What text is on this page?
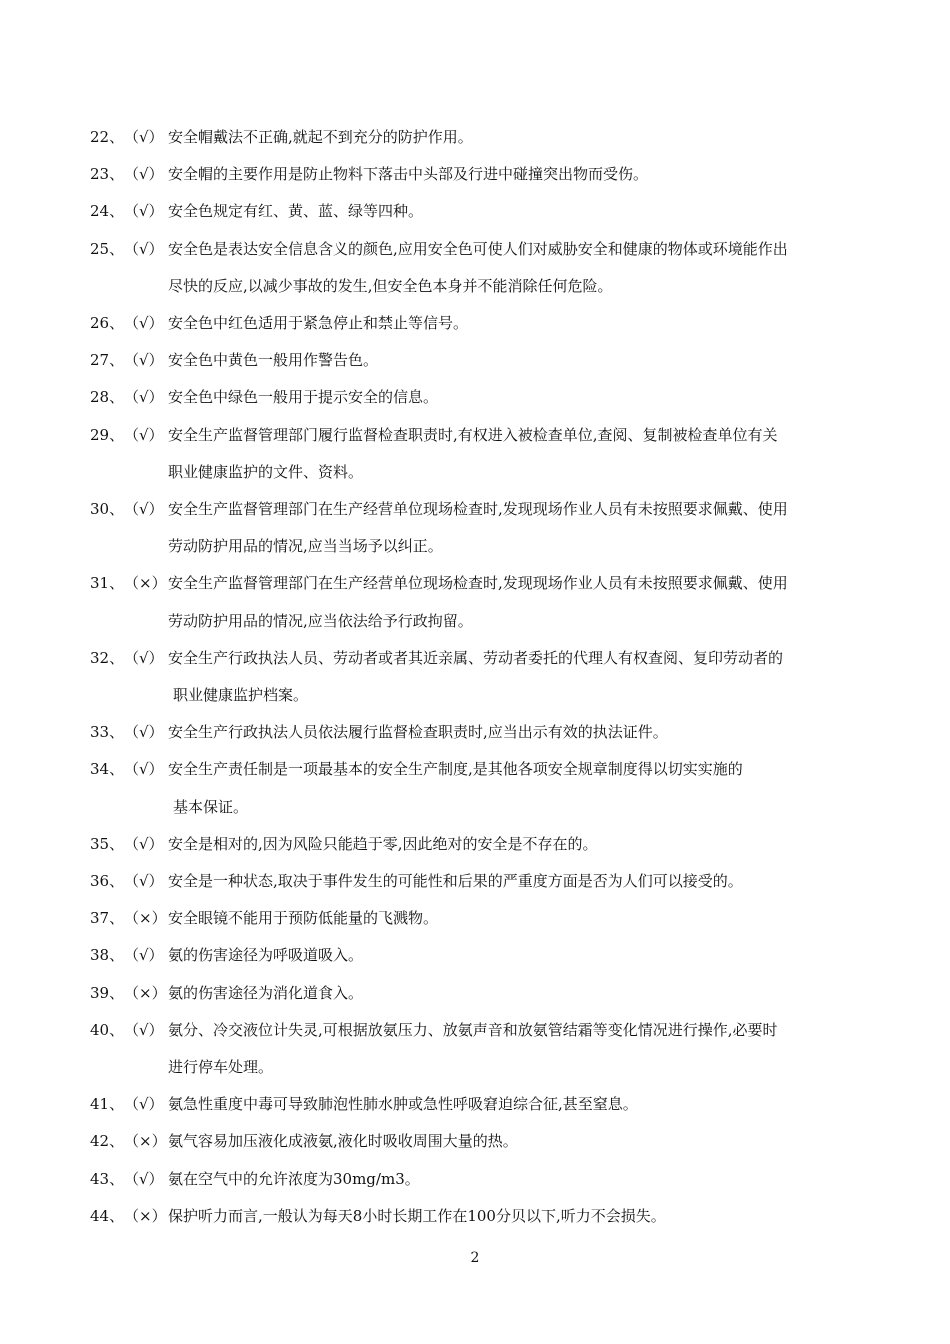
22、 （√） 安全帽戴法不正确,就起不到充分的防护作用。
23、 （√） 安全帽的主要作用是防止物料下落击中头部及行进中碰撞突出物而受伤。
24、 （√） 安全色规定有红、黄、蓝、绿等四种。
25、 （√） 安全色是表达安全信息含义的颜色,应用安全色可使人们对威胁安全和健康的物体或环境能作出
尽快的反应,以减少事故的发生,但安全色本身并不能消除任何危险。
26、 （√） 安全色中红色适用于紧急停止和禁止等信号。
27、 （√） 安全色中黄色一般用作警告色。
28、 （√） 安全色中绿色一般用于提示安全的信息。
29、 （√） 安全生产监督管理部门履行监督检查职责时,有权进入被检查单位,查阅、复制被检查单位有关
职业健康监护的文件、资料。
30、 （√） 安全生产监督管理部门在生产经营单位现场检查时,发现现场作业人员有未按照要求佩戴、使用
劳动防护用品的情况,应当当场予以纠正。
31、 （×） 安全生产监督管理部门在生产经营单位现场检查时,发现现场作业人员有未按照要求佩戴、使用
劳动防护用品的情况,应当依法给予行政拘留。
32、 （√） 安全生产行政执法人员、劳动者或者其近亲属、劳动者委托的代理人有权查阅、复印劳动者的
职业健康监护档案。
33、 （√） 安全生产行政执法人员依法履行监督检查职责时,应当出示有效的执法证件。
34、 （√） 安全生产责任制是一项最基本的安全生产制度,是其他各项安全规章制度得以切实实施的
基本保证。
35、 （√） 安全是相对的,因为风险只能趋于零,因此绝对的安全是不存在的。
36、 （√） 安全是一种状态,取决于事件发生的可能性和后果的严重度方面是否为人们可以接受的。
37、 （×） 安全眼镜不能用于预防低能量的飞溅物。
38、 （√） 氨的伤害途径为呼吸道吸入。
39、 （×） 氨的伤害途径为消化道食入。
40、 （√） 氨分、冷交液位计失灵,可根据放氨压力、放氨声音和放氨管结霜等变化情况进行操作,必要时
进行停车处理。
41、 （√） 氨急性重度中毒可导致肺泡性肺水肿或急性呼吸窘迫综合征,甚至窒息。
42、 （×） 氨气容易加压液化成液氨,液化时吸收周围大量的热。
43、 （√） 氨在空气中的允许浓度为30mg/m3。
44、 （×） 保护听力而言,一般认为每天8小时长期工作在100分贝以下,听力不会损失。
2
